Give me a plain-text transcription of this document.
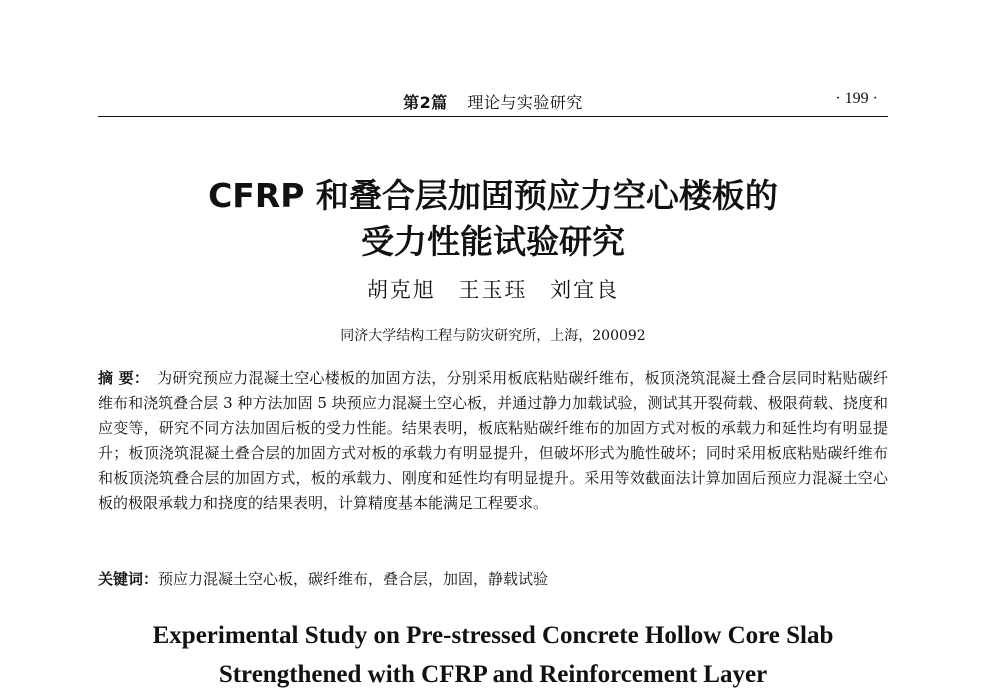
第2篇 理论与实验研究	· 199 ·
CFRP 和叠合层加固预应力空心楼板的
受力性能试验研究
胡克旭 王玉珏 刘宜良
同济大学结构工程与防灾研究所，上海，200092
摘 要： 为研究预应力混凝土空心楼板的加固方法，分别采用板底粘贴碳纤维布，板顶浇筑混凝土叠合层同时粘贴碳纤维布和浇筑叠合层 3 种方法加固 5 块预应力混凝土空心板，并通过静力加载试验，测试其开裂荷载、极限荷载、挠度和应变等，研究不同方法加固后板的受力性能。结果表明，板底粘贴碳纤维布的加固方式对板的承载力和延性均有明显提升；板顶浇筑混凝土叠合层的加固方式对板的承载力有明显提升，但破坏形式为脆性破坏；同时采用板底粘贴碳纤维布和板顶浇筑叠合层的加固方式，板的承载力、刚度和延性均有明显提升。采用等效截面法计算加固后预应力混凝土空心板的极限承载力和挠度的结果表明，计算精度基本能满足工程要求。
关键词：预应力混凝土空心板，碳纤维布，叠合层，加固，静载试验
Experimental Study on Pre-stressed Concrete Hollow Core Slab
Strengthened with CFRP and Reinforcement Layer
